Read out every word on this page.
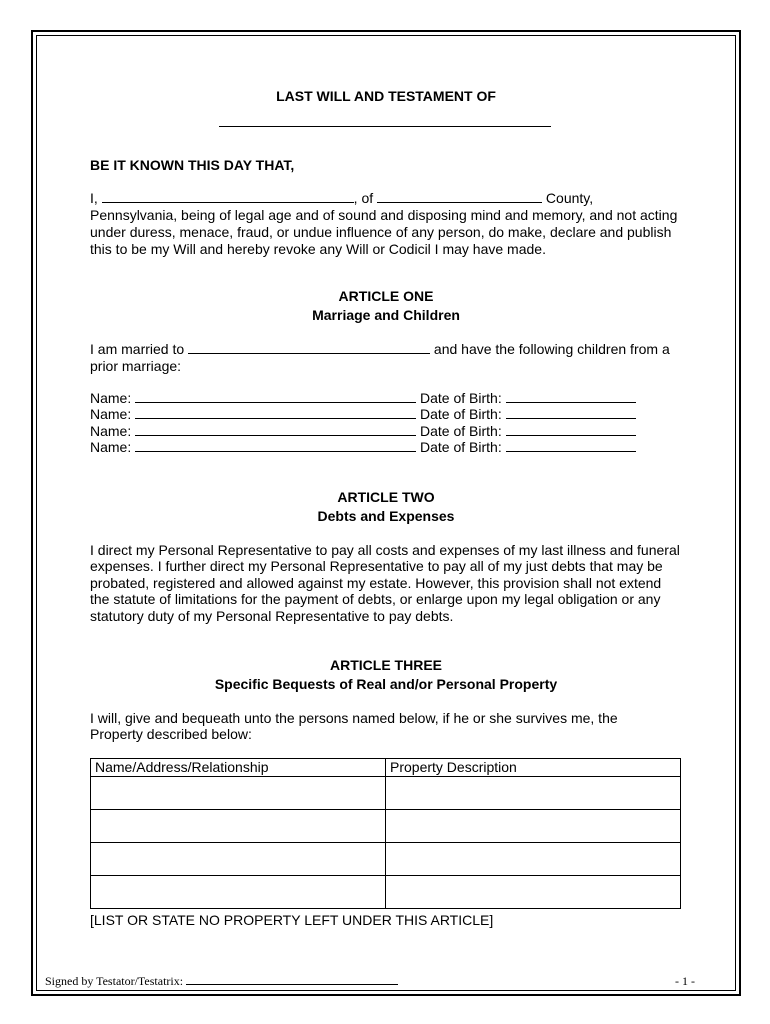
LAST WILL AND TESTAMENT OF
BE IT KNOWN THIS DAY THAT,
I,	, of	County,
Pennsylvania, being of legal age and of sound and disposing mind and memory, and not acting
under duress, menace, fraud, or undue influence of any person, do make, declare and publish
this to be my Will and hereby revoke any Will or Codicil I may have made.
ARTICLE ONE
Marriage and Children
I am married to	and have the following children from a
prior marriage:
Name:	Date of Birth:
Name:	Date of Birth:
Name:	Date of Birth:
Name:	Date of Birth:
ARTICLE TWO
Debts and Expenses
I direct my Personal Representative to pay all costs and expenses of my last illness and funeral
expenses. I further direct my Personal Representative to pay all of my just debts that may be
probated, registered and allowed against my estate. However, this provision shall not extend
the statute of limitations for the payment of debts, or enlarge upon my legal obligation or any
statutory duty of my Personal Representative to pay debts.
ARTICLE THREE
Specific Bequests of Real and/or Personal Property
I will, give and bequeath unto the persons named below, if he or she survives me, the
Property described below:
Name/Address/Relationship	Property Description

[LIST OR STATE NO PROPERTY LEFT UNDER THIS ARTICLE]
Signed by Testator/Testatrix:	- 1 -
